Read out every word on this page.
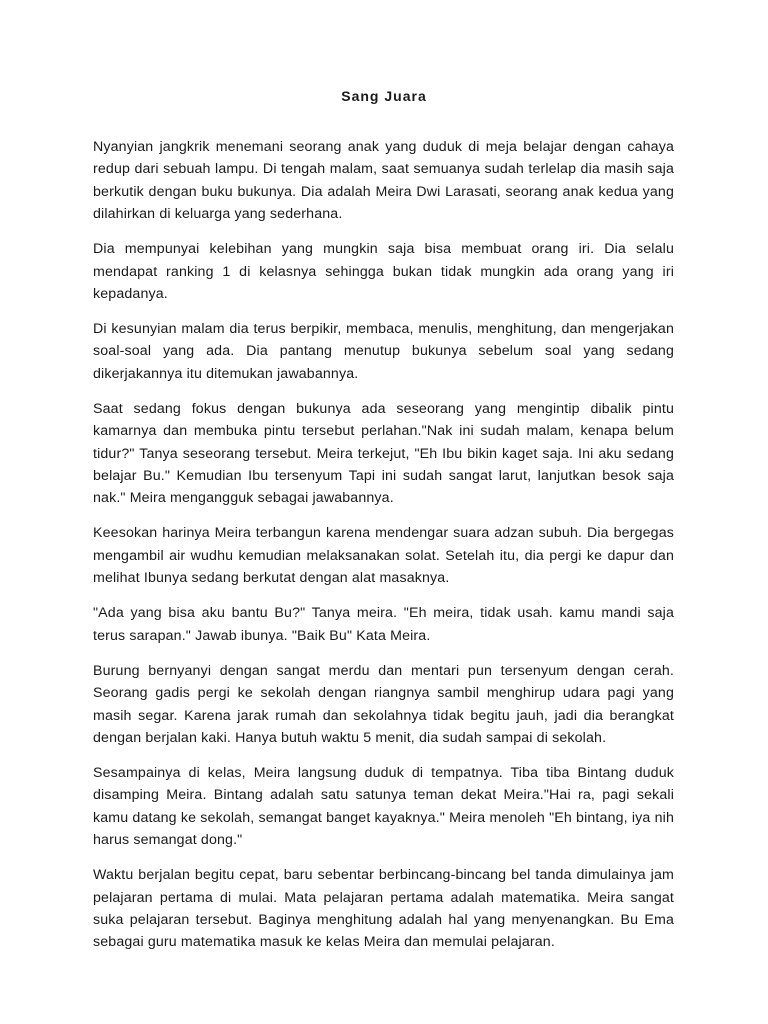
Sang Juara

Nyanyian jangkrik menemani seorang anak yang duduk di meja belajar dengan cahaya redup dari sebuah lampu. Di tengah malam, saat semuanya sudah terlelap dia masih saja berkutik dengan buku bukunya. Dia adalah Meira Dwi Larasati, seorang anak kedua yang dilahirkan di keluarga yang sederhana.

Dia mempunyai kelebihan yang mungkin saja bisa membuat orang iri. Dia selalu mendapat ranking 1 di kelasnya sehingga bukan tidak mungkin ada orang yang iri kepadanya.

Di kesunyian malam dia terus berpikir, membaca, menulis, menghitung, dan mengerjakan soal-soal yang ada. Dia pantang menutup bukunya sebelum soal yang sedang dikerjakannya itu ditemukan jawabannya.

Saat sedang fokus dengan bukunya ada seseorang yang mengintip dibalik pintu kamarnya dan membuka pintu tersebut perlahan."Nak ini sudah malam, kenapa belum tidur?" Tanya seseorang tersebut. Meira terkejut, "Eh Ibu bikin kaget saja. Ini aku sedang belajar Bu." Kemudian Ibu tersenyum Tapi ini sudah sangat larut, lanjutkan besok saja nak." Meira mengangguk sebagai jawabannya.

Keesokan harinya Meira terbangun karena mendengar suara adzan subuh. Dia bergegas mengambil air wudhu kemudian melaksanakan solat. Setelah itu, dia pergi ke dapur dan melihat Ibunya sedang berkutat dengan alat masaknya.

"Ada yang bisa aku bantu Bu?" Tanya meira. "Eh meira, tidak usah. kamu mandi saja terus sarapan." Jawab ibunya. "Baik Bu" Kata Meira.

Burung bernyanyi dengan sangat merdu dan mentari pun tersenyum dengan cerah. Seorang gadis pergi ke sekolah dengan riangnya sambil menghirup udara pagi yang masih segar. Karena jarak rumah dan sekolahnya tidak begitu jauh, jadi dia berangkat dengan berjalan kaki. Hanya butuh waktu 5 menit, dia sudah sampai di sekolah.

Sesampainya di kelas, Meira langsung duduk di tempatnya. Tiba tiba Bintang duduk disamping Meira. Bintang adalah satu satunya teman dekat Meira."Hai ra, pagi sekali kamu datang ke sekolah, semangat banget kayaknya." Meira menoleh "Eh bintang, iya nih harus semangat dong."

Waktu berjalan begitu cepat, baru sebentar berbincang-bincang bel tanda dimulainya jam pelajaran pertama di mulai. Mata pelajaran pertama adalah matematika. Meira sangat suka pelajaran tersebut. Baginya menghitung adalah hal yang menyenangkan. Bu Ema sebagai guru matematika masuk ke kelas Meira dan memulai pelajaran.
